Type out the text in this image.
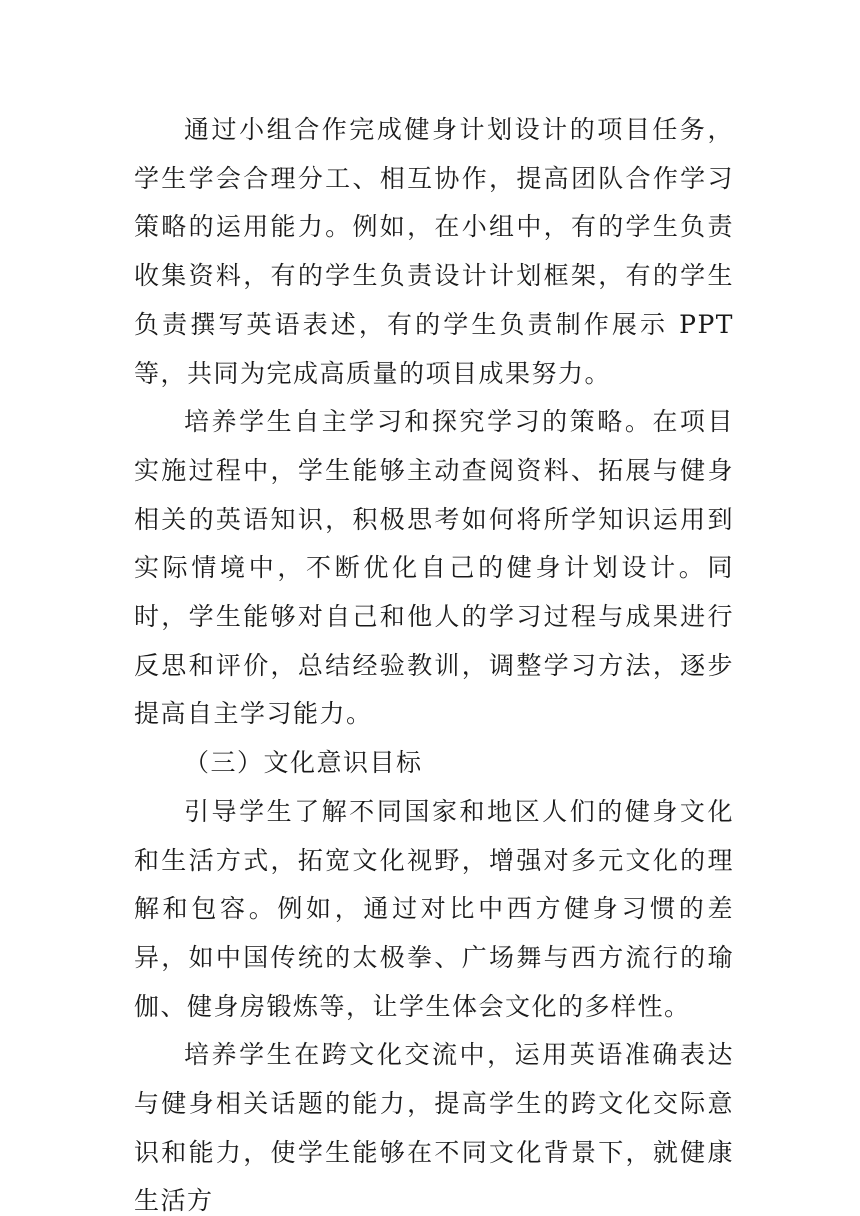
通过小组合作完成健身计划设计的项目任务，学生学会合理分工、相互协作，提高团队合作学习策略的运用能力。例如，在小组中，有的学生负责收集资料，有的学生负责设计计划框架，有的学生负责撰写英语表述，有的学生负责制作展示 PPT 等，共同为完成高质量的项目成果努力。

培养学生自主学习和探究学习的策略。在项目实施过程中，学生能够主动查阅资料、拓展与健身相关的英语知识，积极思考如何将所学知识运用到实际情境中，不断优化自己的健身计划设计。同时，学生能够对自己和他人的学习过程与成果进行反思和评价，总结经验教训，调整学习方法，逐步提高自主学习能力。

（三）文化意识目标

引导学生了解不同国家和地区人们的健身文化和生活方式，拓宽文化视野，增强对多元文化的理解和包容。例如，通过对比中西方健身习惯的差异，如中国传统的太极拳、广场舞与西方流行的瑜伽、健身房锻炼等，让学生体会文化的多样性。

培养学生在跨文化交流中，运用英语准确表达与健身相关话题的能力，提高学生的跨文化交际意识和能力，使学生能够在不同文化背景下，就健康生活方
